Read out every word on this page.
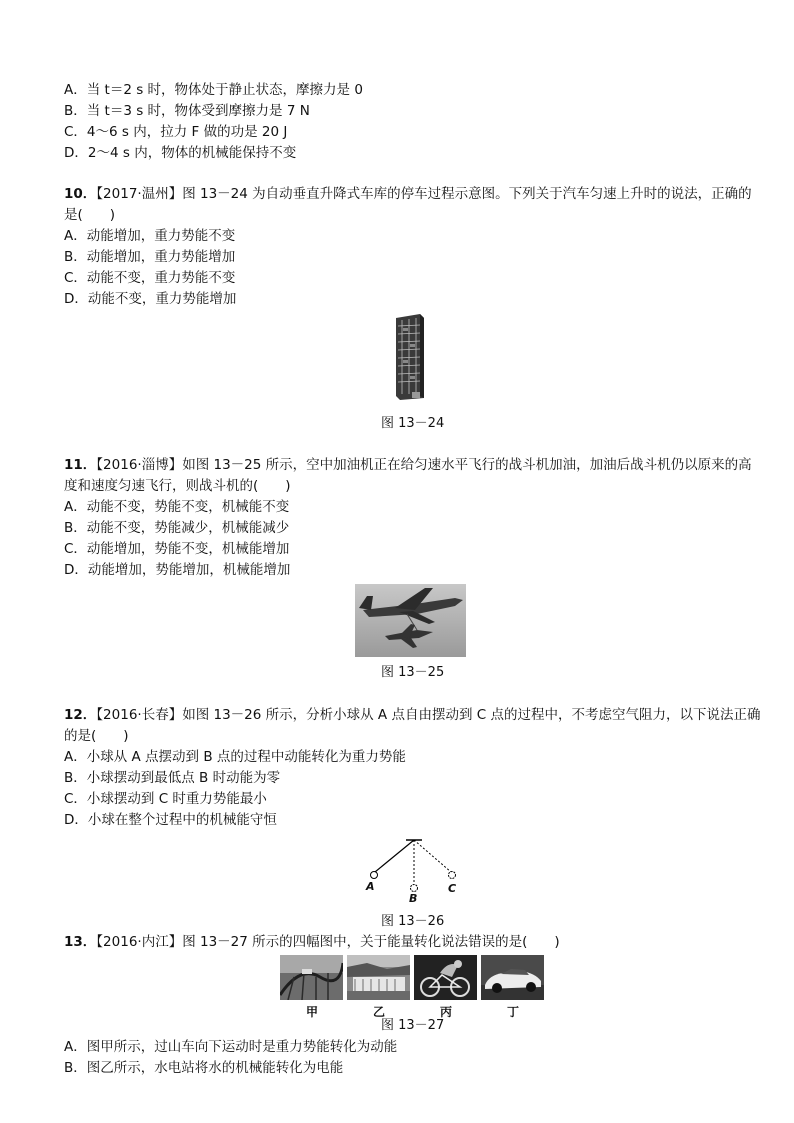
A．当 t＝2 s 时，物体处于静止状态，摩擦力是 0
B．当 t＝3 s 时，物体受到摩擦力是 7 N
C．4～6 s 内，拉力 F 做的功是 20 J
D．2～4 s 内，物体的机械能保持不变
10．【2017·温州】图 13－24 为自动垂直升降式车库的停车过程示意图。下列关于汽车匀速上升时的说法，正确的
是(　　)
A．动能增加，重力势能不变
B．动能增加，重力势能增加
C．动能不变，重力势能不变
D．动能不变，重力势能增加
图 13－24
11．【2016·淄博】如图 13－25 所示，空中加油机正在给匀速水平飞行的战斗机加油，加油后战斗机仍以原来的高
度和速度匀速飞行，则战斗机的(　　)
A．动能不变，势能不变，机械能不变
B．动能不变，势能减少，机械能减少
C．动能增加，势能不变，机械能增加
D．动能增加，势能增加，机械能增加
图 13－25
12．【2016·长春】如图 13－26 所示，分析小球从 A 点自由摆动到 C 点的过程中，不考虑空气阻力，以下说法正确
的是(　　)
A．小球从 A 点摆动到 B 点的过程中动能转化为重力势能
B．小球摆动到最低点 B 时动能为零
C．小球摆动到 C 时重力势能最小
D．小球在整个过程中的机械能守恒
A
B
C
图 13－26
13．【2016·内江】图 13－27 所示的四幅图中，关于能量转化说法错误的是(　　)
甲	乙	丙	丁
图 13－27
A．图甲所示，过山车向下运动时是重力势能转化为动能
B．图乙所示，水电站将水的机械能转化为电能
